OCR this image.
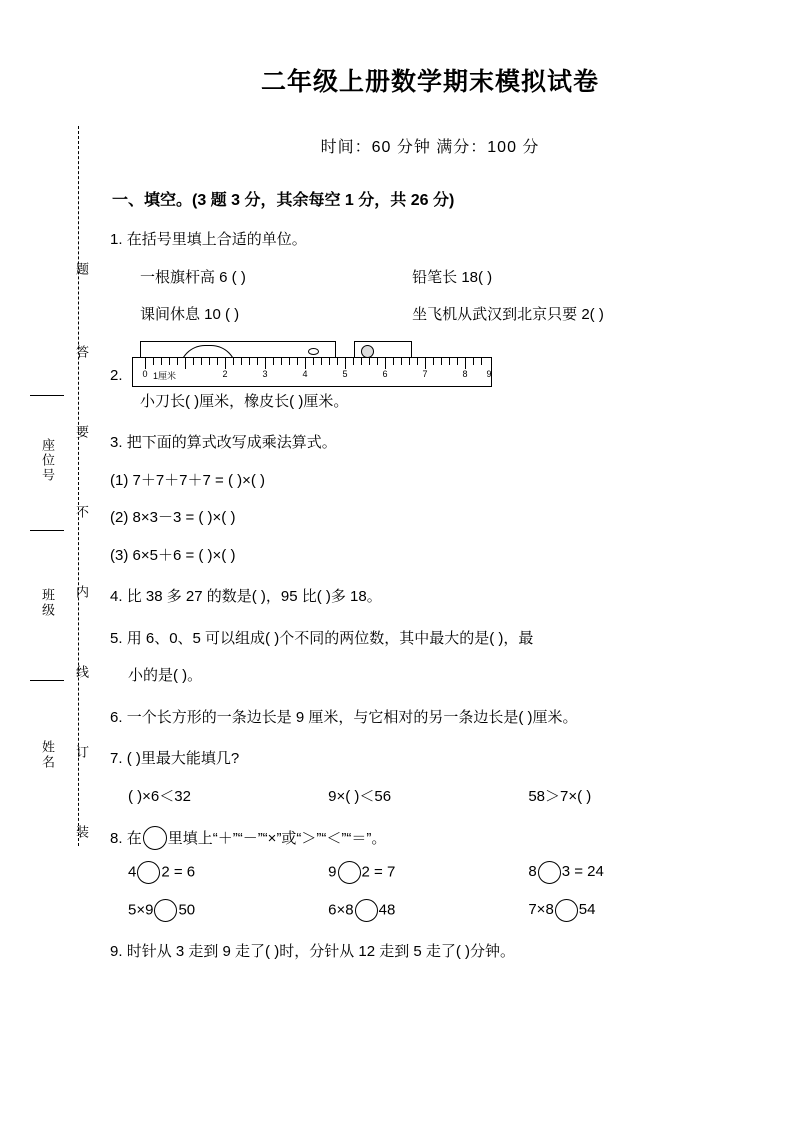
题
答
要
不
内
线
订
装
座位号
班级
姓名
二年级上册数学期末模拟试卷
时间：60 分钟 满分：100 分
一、填空。(3 题 3 分，其余每空 1 分，共 26 分)
1. 在括号里填上合适的单位。
一根旗杆高 6 ( )	铅笔长 18( )
课间休息 10 ( )	坐飞机从武汉到北京只要 2( )
0 1厘米	2	3	4	5	6	7	8 9
2.
小刀长( )厘米，橡皮长( )厘米。
3. 把下面的算式改写成乘法算式。
(1) 7＋7＋7＋7 = ( )×( )
(2) 8×3－3 = ( )×( )
(3) 6×5＋6 = ( )×( )
4. 比 38 多 27 的数是( )，95 比( )多 18。
5. 用 6、0、5 可以组成( )个不同的两位数，其中最大的是( )，最
小的是( )。
6. 一个长方形的一条边长是 9 厘米，与它相对的另一条边长是( )厘米。
7. ( )里最大能填几?
( )×6＜32	9×( )＜56	58＞7×( )
8. 在 里填上“＋”“－”“×”或“＞”“＜”“＝”。
4 2 = 6	9 2 = 7	8 3 = 24
5×9 50	6×8 48	7×8 54
9. 时针从 3 走到 9 走了( )时，分针从 12 走到 5 走了( )分钟。
